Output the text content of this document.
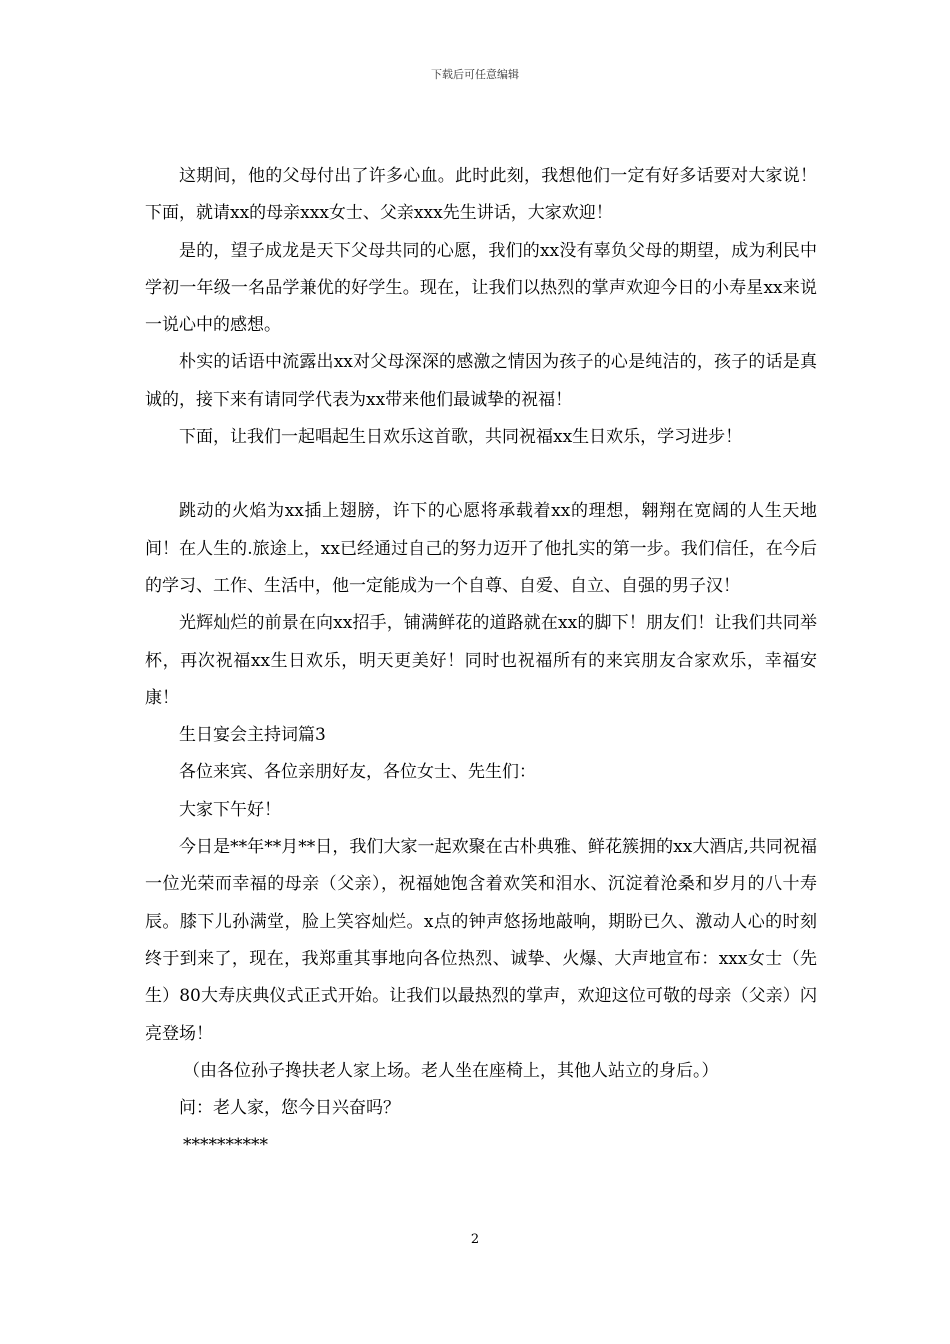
下载后可任意编辑

这期间，他的父母付出了许多心血。此时此刻，我想他们一定有好多话要对大家说！下面，就请xx的母亲xxx女士、父亲xxx先生讲话，大家欢迎！

是的，望子成龙是天下父母共同的心愿，我们的xx没有辜负父母的期望，成为利民中学初一年级一名品学兼优的好学生。现在，让我们以热烈的掌声欢迎今日的小寿星xx来说一说心中的感想。

朴实的话语中流露出xx对父母深深的感激之情因为孩子的心是纯洁的，孩子的话是真诚的，接下来有请同学代表为xx带来他们最诚挚的祝福！

下面，让我们一起唱起生日欢乐这首歌，共同祝福xx生日欢乐，学习进步！

跳动的火焰为xx插上翅膀，许下的心愿将承载着xx的理想，翱翔在宽阔的人生天地间！在人生的.旅途上，xx已经通过自己的努力迈开了他扎实的第一步。我们信任，在今后的学习、工作、生活中，他一定能成为一个自尊、自爱、自立、自强的男子汉！

光辉灿烂的前景在向xx招手，铺满鲜花的道路就在xx的脚下！朋友们！让我们共同举杯，再次祝福xx生日欢乐，明天更美好！同时也祝福所有的来宾朋友合家欢乐，幸福安康！

生日宴会主持词篇3

各位来宾、各位亲朋好友，各位女士、先生们：

大家下午好！

今日是**年**月**日，我们大家一起欢聚在古朴典雅、鲜花簇拥的xx大酒店,共同祝福一位光荣而幸福的母亲（父亲），祝福她饱含着欢笑和泪水、沉淀着沧桑和岁月的八十寿辰。膝下儿孙满堂，脸上笑容灿烂。x点的钟声悠扬地敲响，期盼已久、激动人心的时刻终于到来了，现在，我郑重其事地向各位热烈、诚挚、火爆、大声地宣布：xxx女士（先生）80大寿庆典仪式正式开始。让我们以最热烈的掌声，欢迎这位可敬的母亲（父亲）闪亮登场！

（由各位孙子搀扶老人家上场。老人坐在座椅上，其他人站立的身后。）

问：老人家，您今日兴奋吗？

**********

2
